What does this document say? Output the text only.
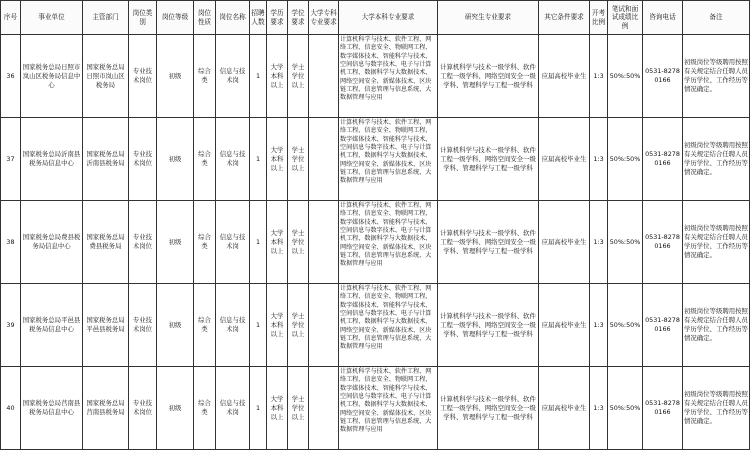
序号	事业单位	主管部门	岗位类别	岗位等级	岗位性质	岗位名称	招聘人数	学历要求	学位要求	大学专科专业要求	大学本科专业要求	研究生专业要求	其它条件要求	开考比例	笔试和面试成绩比例	咨询电话	备注
36	国家税务总局日照市岚山区税务局信息中心	国家税务总局日照市岚山区税务局	专业技术岗位	初级	综合类	信息与技术岗	1	大学本科以上	学士学位以上		计算机科学与技术、软件工程、网络工程、信息安全、物联网工程、数字媒体技术、智能科学与技术、空间信息与数字技术、电子与计算机工程、数据科学与大数据技术、网络空间安全、新媒体技术、区块链工程、信息管理与信息系统、大数据管理与应用	计算机科学与技术一级学科、软件工程一级学科、网络空间安全一级学科、管理科学与工程一级学科	应届高校毕业生	1:3	50%:50%	0531-82780166	初级岗位等级聘用按照有关规定结合任聘人员学历学位、工作经历等情况确定。
37	国家税务总局沂南县税务局信息中心	国家税务总局沂南县税务局	专业技术岗位	初级	综合类	信息与技术岗	1	大学本科以上	学士学位以上		计算机科学与技术、软件工程、网络工程、信息安全、物联网工程、数字媒体技术、智能科学与技术、空间信息与数字技术、电子与计算机工程、数据科学与大数据技术、网络空间安全、新媒体技术、区块链工程、信息管理与信息系统、大数据管理与应用	计算机科学与技术一级学科、软件工程一级学科、网络空间安全一级学科、管理科学与工程一级学科	应届高校毕业生	1:3	50%:50%	0531-82780166	初级岗位等级聘用按照有关规定结合任聘人员学历学位、工作经历等情况确定。
38	国家税务总局费县税务局信息中心	国家税务总局费县税务局	专业技术岗位	初级	综合类	信息与技术岗	1	大学本科以上	学士学位以上		计算机科学与技术、软件工程、网络工程、信息安全、物联网工程、数字媒体技术、智能科学与技术、空间信息与数字技术、电子与计算机工程、数据科学与大数据技术、网络空间安全、新媒体技术、区块链工程、信息管理与信息系统、大数据管理与应用	计算机科学与技术一级学科、软件工程一级学科、网络空间安全一级学科、管理科学与工程一级学科	应届高校毕业生	1:3	50%:50%	0531-82780166	初级岗位等级聘用按照有关规定结合任聘人员学历学位、工作经历等情况确定。
39	国家税务总局平邑县税务局信息中心	国家税务总局平邑县税务局	专业技术岗位	初级	综合类	信息与技术岗	1	大学本科以上	学士学位以上		计算机科学与技术、软件工程、网络工程、信息安全、物联网工程、数字媒体技术、智能科学与技术、空间信息与数字技术、电子与计算机工程、数据科学与大数据技术、网络空间安全、新媒体技术、区块链工程、信息管理与信息系统、大数据管理与应用	计算机科学与技术一级学科、软件工程一级学科、网络空间安全一级学科、管理科学与工程一级学科	应届高校毕业生	1:3	50%:50%	0531-82780166	初级岗位等级聘用按照有关规定结合任聘人员学历学位、工作经历等情况确定。
40	国家税务总局莒南县税务局信息中心	国家税务总局莒南县税务局	专业技术岗位	初级	综合类	信息与技术岗	1	大学本科以上	学士学位以上		计算机科学与技术、软件工程、网络工程、信息安全、物联网工程、数字媒体技术、智能科学与技术、空间信息与数字技术、电子与计算机工程、数据科学与大数据技术、网络空间安全、新媒体技术、区块链工程、信息管理与信息系统、大数据管理与应用	计算机科学与技术一级学科、软件工程一级学科、网络空间安全一级学科、管理科学与工程一级学科	应届高校毕业生	1:3	50%:50%	0531-82780166	初级岗位等级聘用按照有关规定结合任聘人员学历学位、工作经历等情况确定。
